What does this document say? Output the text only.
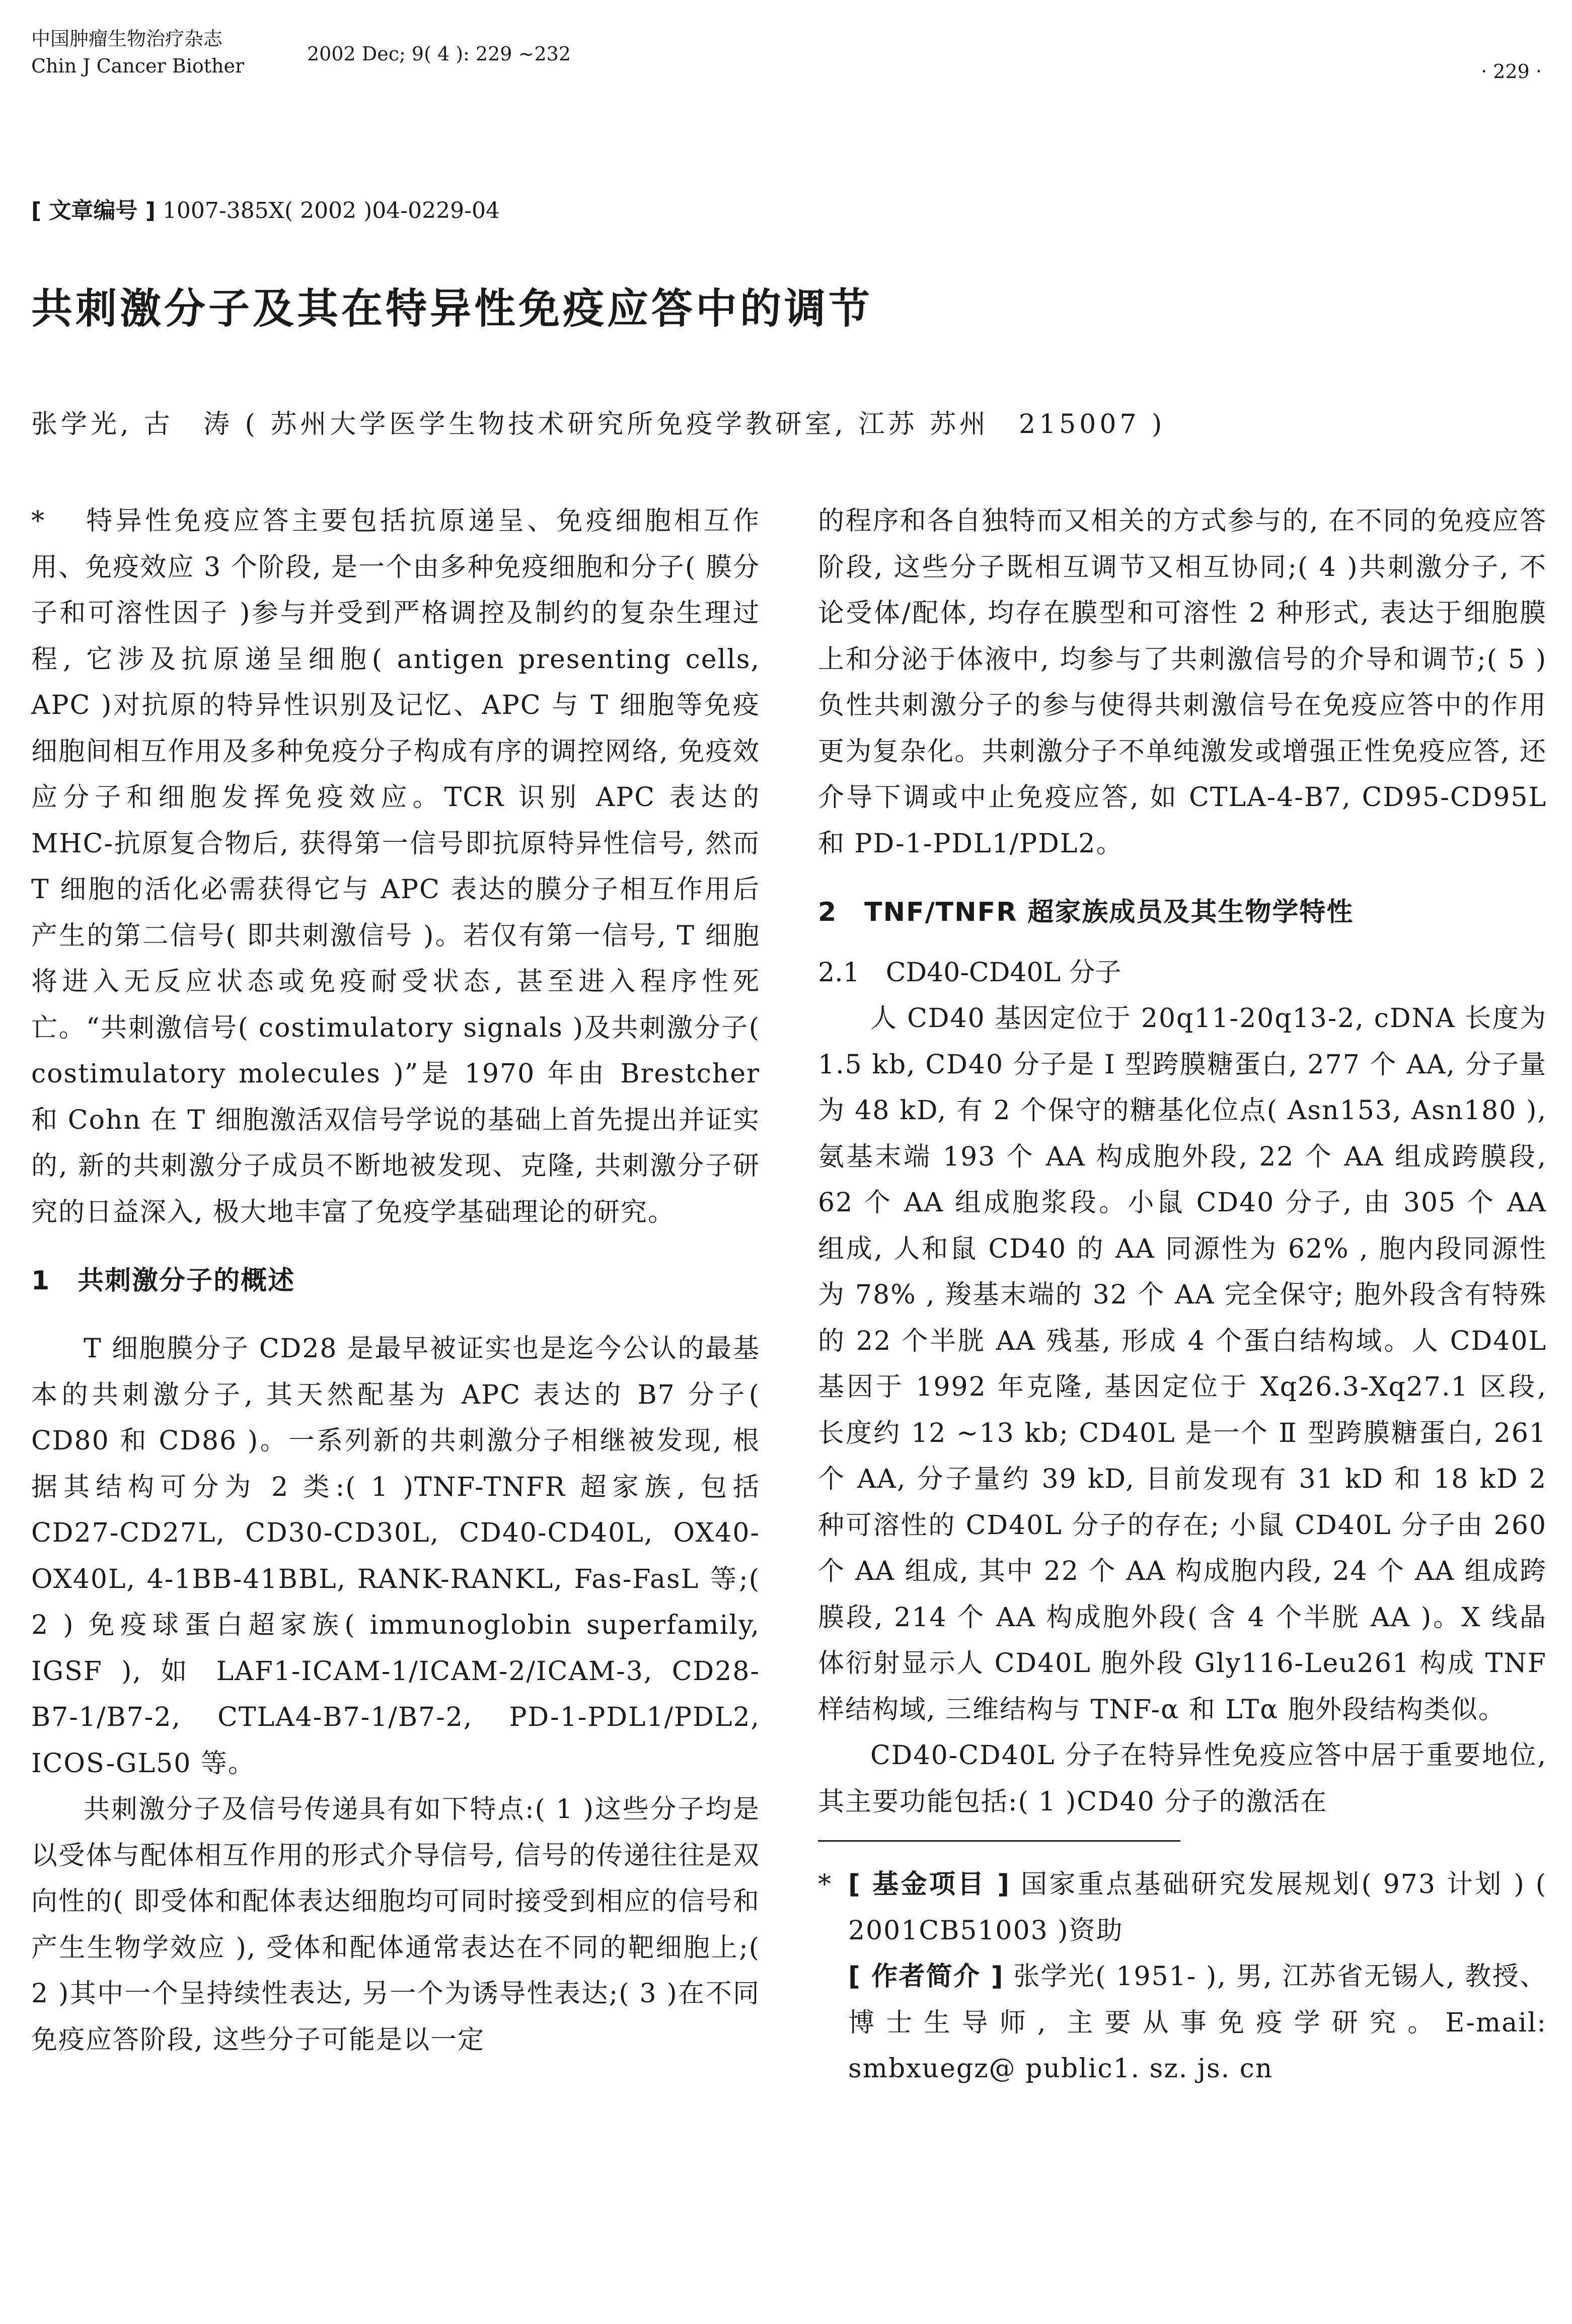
中国肿瘤生物治疗杂志
Chin J Cancer Biother
2002 Dec; 9( 4 ): 229 ~232
· 229 ·
[ 文章编号 ] 1007-385X( 2002 )04-0229-04
共刺激分子及其在特异性免疫应答中的调节
张学光, 古　涛 ( 苏州大学医学生物技术研究所免疫学教研室, 江苏 苏州　215007 )

* 　特异性免疫应答主要包括抗原递呈、免疫细胞相互作用、免疫效应 3 个阶段, 是一个由多种免疫细胞和分子( 膜分子和可溶性因子 )参与并受到严格调控及制约的复杂生理过程, 它涉及抗原递呈细胞( antigen presenting cells, APC )对抗原的特异性识别及记忆、APC 与 T 细胞等免疫细胞间相互作用及多种免疫分子构成有序的调控网络, 免疫效应分子和细胞发挥免疫效应。TCR 识别 APC 表达的 MHC-抗原复合物后, 获得第一信号即抗原特异性信号, 然而 T 细胞的活化必需获得它与 APC 表达的膜分子相互作用后产生的第二信号( 即共刺激信号 )。若仅有第一信号, T 细胞将进入无反应状态或免疫耐受状态, 甚至进入程序性死亡。“共刺激信号( costimulatory signals )及共刺激分子( costimulatory molecules )”是 1970 年由 Brestcher 和 Cohn 在 T 细胞激活双信号学说的基础上首先提出并证实的, 新的共刺激分子成员不断地被发现、克隆, 共刺激分子研究的日益深入, 极大地丰富了免疫学基础理论的研究。

1　共刺激分子的概述

T 细胞膜分子 CD28 是最早被证实也是迄今公认的最基本的共刺激分子, 其天然配基为 APC 表达的 B7 分子( CD80 和 CD86 )。一系列新的共刺激分子相继被发现, 根据其结构可分为 2 类:( 1 )TNF-TNFR 超家族, 包括 CD27-CD27L, CD30-CD30L, CD40-CD40L, OX40-OX40L, 4-1BB-41BBL, RANK-RANKL, Fas-FasL 等;( 2 ) 免疫球蛋白超家族( immunoglobin superfamily, IGSF ), 如 LAF1-ICAM-1/ICAM-2/ICAM-3, CD28-B7-1/B7-2, CTLA4-B7-1/B7-2, PD-1-PDL1/PDL2, ICOS-GL50 等。

共刺激分子及信号传递具有如下特点:( 1 )这些分子均是以受体与配体相互作用的形式介导信号, 信号的传递往往是双向性的( 即受体和配体表达细胞均可同时接受到相应的信号和产生生物学效应 ), 受体和配体通常表达在不同的靶细胞上;( 2 )其中一个呈持续性表达, 另一个为诱导性表达;( 3 )在不同免疫应答阶段, 这些分子可能是以一定

的程序和各自独特而又相关的方式参与的, 在不同的免疫应答阶段, 这些分子既相互调节又相互协同;( 4 )共刺激分子, 不论受体/配体, 均存在膜型和可溶性 2 种形式, 表达于细胞膜上和分泌于体液中, 均参与了共刺激信号的介导和调节;( 5 )负性共刺激分子的参与使得共刺激信号在免疫应答中的作用更为复杂化。共刺激分子不单纯激发或增强正性免疫应答, 还介导下调或中止免疫应答, 如 CTLA-4-B7, CD95-CD95L 和 PD-1-PDL1/PDL2。

2　TNF/TNFR 超家族成员及其生物学特性
2.1　CD40-CD40L 分子

人 CD40 基因定位于 20q11-20q13-2, cDNA 长度为 1.5 kb, CD40 分子是 Ⅰ 型跨膜糖蛋白, 277 个 AA, 分子量为 48 kD, 有 2 个保守的糖基化位点( Asn153, Asn180 ), 氨基末端 193 个 AA 构成胞外段, 22 个 AA 组成跨膜段, 62 个 AA 组成胞浆段。小鼠 CD40 分子, 由 305 个 AA 组成, 人和鼠 CD40 的 AA 同源性为 62% , 胞内段同源性为 78% , 羧基末端的 32 个 AA 完全保守; 胞外段含有特殊的 22 个半胱 AA 残基, 形成 4 个蛋白结构域。人 CD40L 基因于 1992 年克隆, 基因定位于 Xq26.3-Xq27.1 区段, 长度约 12 ~13 kb; CD40L 是一个 Ⅱ 型跨膜糖蛋白, 261 个 AA, 分子量约 39 kD, 目前发现有 31 kD 和 18 kD 2 种可溶性的 CD40L 分子的存在; 小鼠 CD40L 分子由 260 个 AA 组成, 其中 22 个 AA 构成胞内段, 24 个 AA 组成跨膜段, 214 个 AA 构成胞外段( 含 4 个半胱 AA )。X 线晶体衍射显示人 CD40L 胞外段 Gly116-Leu261 构成 TNF 样结构域, 三维结构与 TNF-α 和 LTα 胞外段结构类似。

CD40-CD40L 分子在特异性免疫应答中居于重要地位, 其主要功能包括:( 1 )CD40 分子的激活在

* [ 基金项目 ] 国家重点基础研究发展规划( 973 计划 ) ( 2001CB51003 )资助

[ 作者简介 ] 张学光( 1951- ), 男, 江苏省无锡人, 教授、博士生导师, 主要从事免疫学研究。E-mail: smbxuegz@ public1. sz. js. cn
